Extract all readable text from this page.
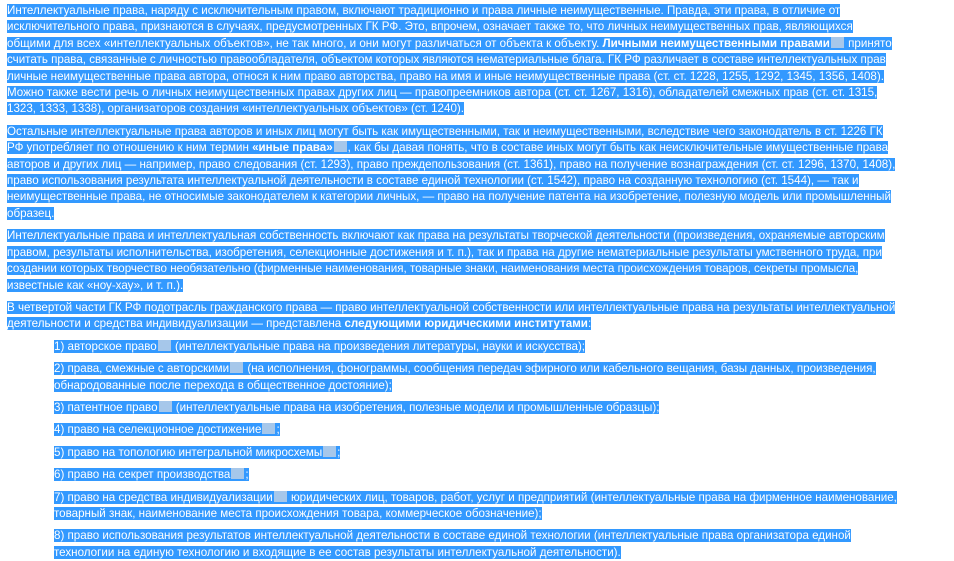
Интеллектуальные права, наряду с исключительным правом, включают традиционно и права личные неимущественные. Правда, эти права, в отличие от исключительного права, признаются в случаях, предусмотренных ГК РФ. Это, впрочем, означает также то, что личных неимущественных прав, являющихся общими для всех «интеллектуальных объектов», не так много, и они могут различаться от объекта к объекту. Личными неимущественными правами принято считать права, связанные с личностью правообладателя, объектом которых являются нематериальные блага. ГК РФ различает в составе интеллектуальных прав личные неимущественные права автора, относя к ним право авторства, право на имя и иные неимущественные права (ст. ст. 1228, 1255, 1292, 1345, 1356, 1408). Можно также вести речь о личных неимущественных правах других лиц — правопреемников автора (ст. ст. 1267, 1316), обладателей смежных прав (ст. ст. 1315, 1323, 1333, 1338), организаторов создания «интеллектуальных объектов» (ст. 1240).

Остальные интеллектуальные права авторов и иных лиц могут быть как имущественными, так и неимущественными, вследствие чего законодатель в ст. 1226 ГК РФ употребляет по отношению к ним термин «иные права» , как бы давая понять, что в составе иных могут быть как неисключительные имущественные права авторов и других лиц — например, право следования (ст. 1293), право преждепользования (ст. 1361), право на получение вознаграждения (ст. ст. 1296, 1370, 1408), право использования результата интеллектуальной деятельности в составе единой технологии (ст. 1542), право на созданную технологию (ст. 1544), — так и неимущественные права, не относимые законодателем к категории личных, — право на получение патента на изобретение, полезную модель или промышленный образец.

Интеллектуальные права и интеллектуальная собственность включают как права на результаты творческой деятельности (произведения, охраняемые авторским правом, результаты исполнительства, изобретения, селекционные достижения и т. п.), так и права на другие нематериальные результаты умственного труда, при создании которых творчество необязательно (фирменные наименования, товарные знаки, наименования места происхождения товаров, секреты промысла, известные как «ноу-хау», и т. п.).

В четвертой части ГК РФ подотрасль гражданского права — право интеллектуальной собственности или интеллектуальные права на результаты интеллектуальной деятельности и средства индивидуализации — представлена следующими юридическими институтами:

1) авторское право (интеллектуальные права на произведения литературы, науки и искусства);

2) права, смежные с авторскими (на исполнения, фонограммы, сообщения передач эфирного или кабельного вещания, базы данных, произведения, обнародованные после перехода в общественное достояние);

3) патентное право (интеллектуальные права на изобретения, полезные модели и промышленные образцы);

4) право на селекционное достижение ;

5) право на топологию интегральной микросхемы ;

6) право на секрет производства ;

7) право на средства индивидуализации юридических лиц, товаров, работ, услуг и предприятий (интеллектуальные права на фирменное наименование, товарный знак, наименование места происхождения товара, коммерческое обозначение);

8) право использования результатов интеллектуальной деятельности в составе единой технологии (интеллектуальные права организатора единой технологии на единую технологию и входящие в ее состав результаты интеллектуальной деятельности).
